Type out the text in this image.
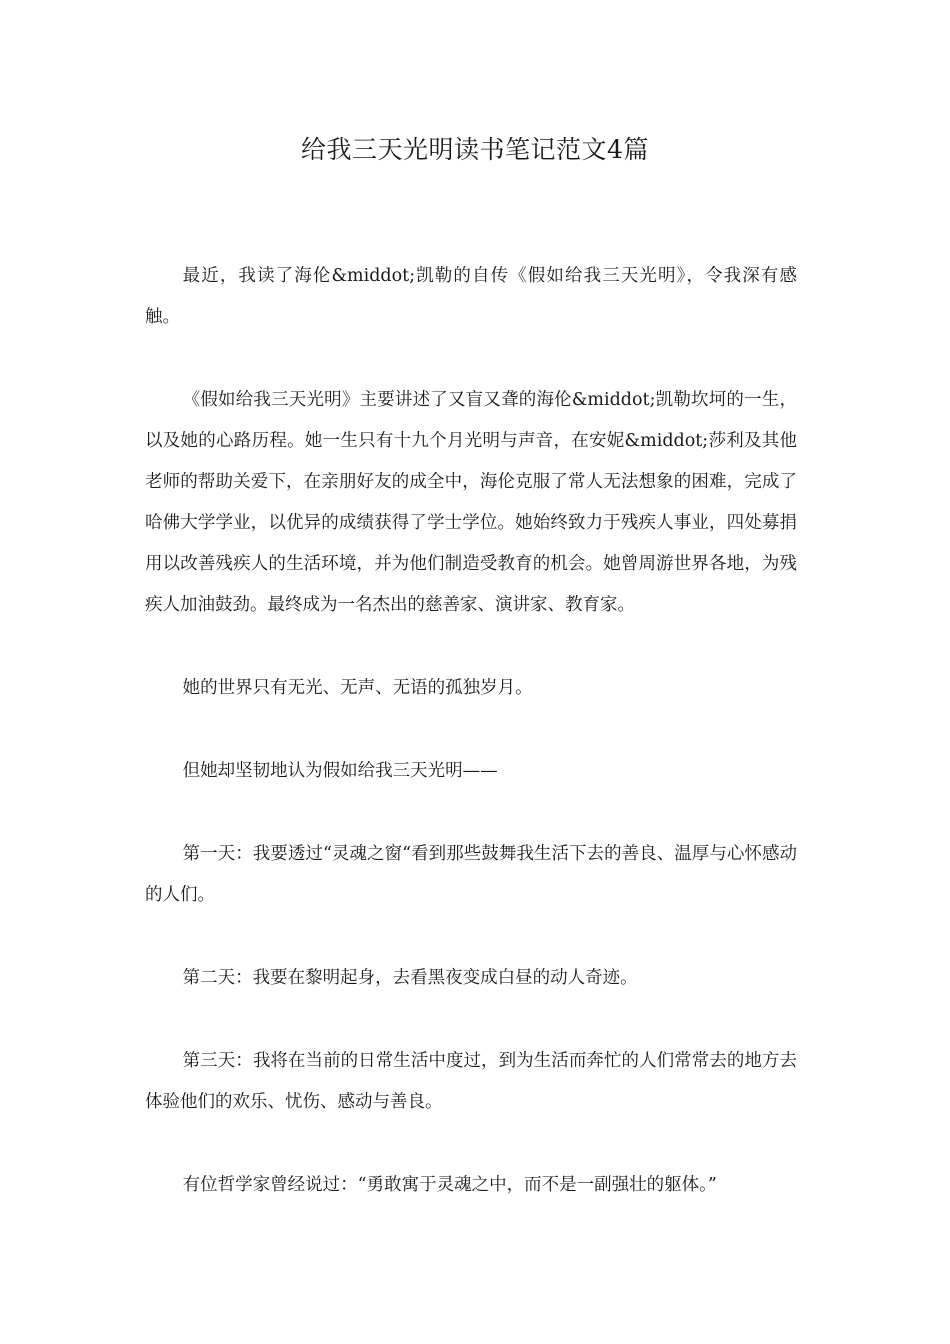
给我三天光明读书笔记范文4篇

最近，我读了海伦&middot;凯勒的自传《假如给我三天光明》，令我深有感触。

《假如给我三天光明》主要讲述了又盲又聋的海伦&middot;凯勒坎坷的一生，以及她的心路历程。她一生只有十九个月光明与声音，在安妮&middot;莎利及其他老师的帮助关爱下，在亲朋好友的成全中，海伦克服了常人无法想象的困难，完成了哈佛大学学业，以优异的成绩获得了学士学位。她始终致力于残疾人事业，四处募捐用以改善残疾人的生活环境，并为他们制造受教育的机会。她曾周游世界各地，为残疾人加油鼓劲。最终成为一名杰出的慈善家、演讲家、教育家。

她的世界只有无光、无声、无语的孤独岁月。

但她却坚韧地认为假如给我三天光明——

第一天：我要透过“灵魂之窗“看到那些鼓舞我生活下去的善良、温厚与心怀感动的人们。

第二天：我要在黎明起身，去看黑夜变成白昼的动人奇迹。

第三天：我将在当前的日常生活中度过，到为生活而奔忙的人们常常去的地方去体验他们的欢乐、忧伤、感动与善良。

有位哲学家曾经说过：“勇敢寓于灵魂之中，而不是一副强壮的躯体。”
